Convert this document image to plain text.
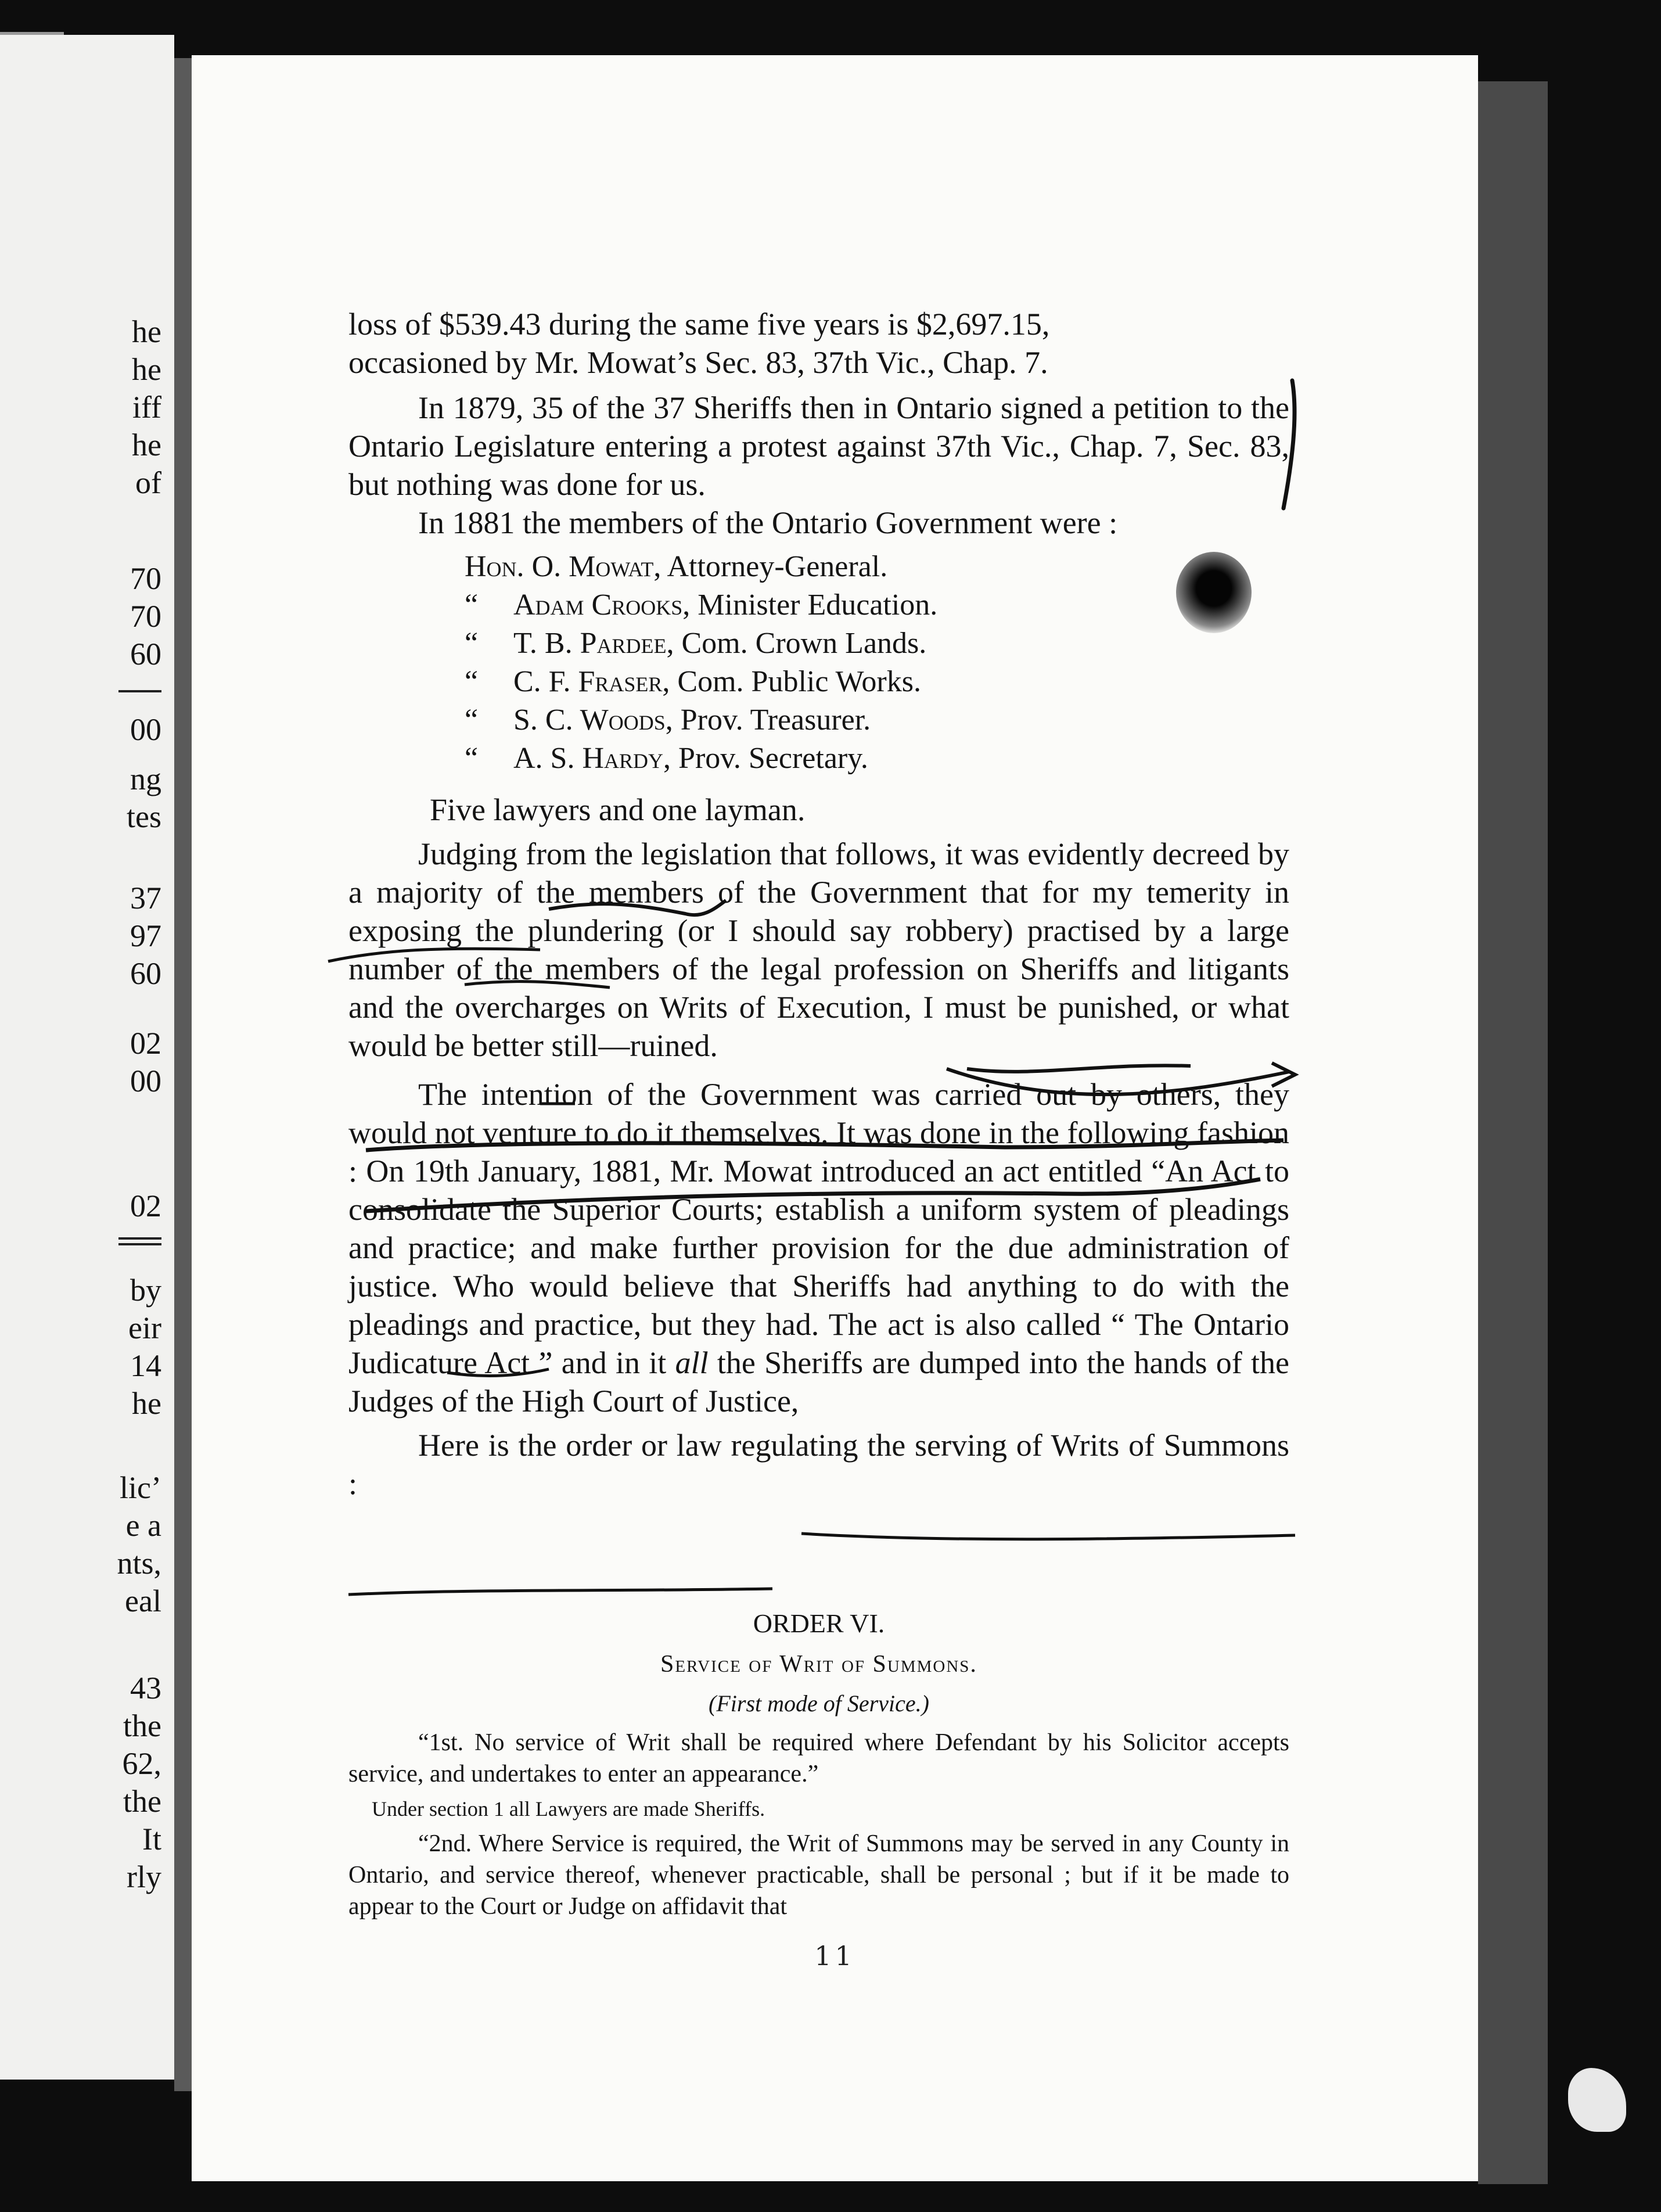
he
he
iff
he
of
70
70
60
00
ng
tes
37
97
60
02
00
02
by
eir
14
he
lic’
e a
nts,
eal
43
the
62,
the
It
rly

loss of $539.43 during the same five years is $2,697.15,
occasioned by Mr. Mowat’s Sec. 83, 37th Vic., Chap. 7.

In 1879, 35 of the 37 Sheriffs then in Ontario signed a petition to the Ontario Legislature entering a protest against 37th Vic., Chap. 7, Sec. 83, but nothing was done for us.

In 1881 the members of the Ontario Government were :

Hon. O. Mowat, Attorney-General.
“ Adam Crooks, Minister Education.
“ T. B. Pardee, Com. Crown Lands.
“ C. F. Fraser, Com. Public Works.
“ S. C. Woods, Prov. Treasurer.
“ A. S. Hardy, Prov. Secretary.

Five lawyers and one layman.

Judging from the legislation that follows, it was evidently decreed by a majority of the members of the Government that for my temerity in exposing the plundering (or I should say robbery) practised by a large number of the members of the legal profession on Sheriffs and litigants and the overcharges on Writs of Execution, I must be punished, or what would be better still—ruined.

The intention of the Government was carried out by others, they would not venture to do it themselves. It was done in the following fashion : On 19th January, 1881, Mr. Mowat introduced an act entitled “An Act to consolidate the Superior Courts; establish a uniform system of pleadings and practice; and make further provision for the due administration of justice. Who would believe that Sheriffs had anything to do with the pleadings and practice, but they had. The act is also called “ The Ontario Judicature Act ” and in it all the Sheriffs are dumped into the hands of the Judges of the High Court of Justice,

Here is the order or law regulating the serving of Writs of Summons :

ORDER VI.
Service of Writ of Summons.
(First mode of Service.)

“1st. No service of Writ shall be required where Defendant by his Solicitor accepts service, and undertakes to enter an appearance.”

Under section 1 all Lawyers are made Sheriffs.

“2nd. Where Service is required, the Writ of Summons may be served in any County in Ontario, and service thereof, whenever practicable, shall be personal ; but if it be made to appear to the Court or Judge on affidavit that

11
